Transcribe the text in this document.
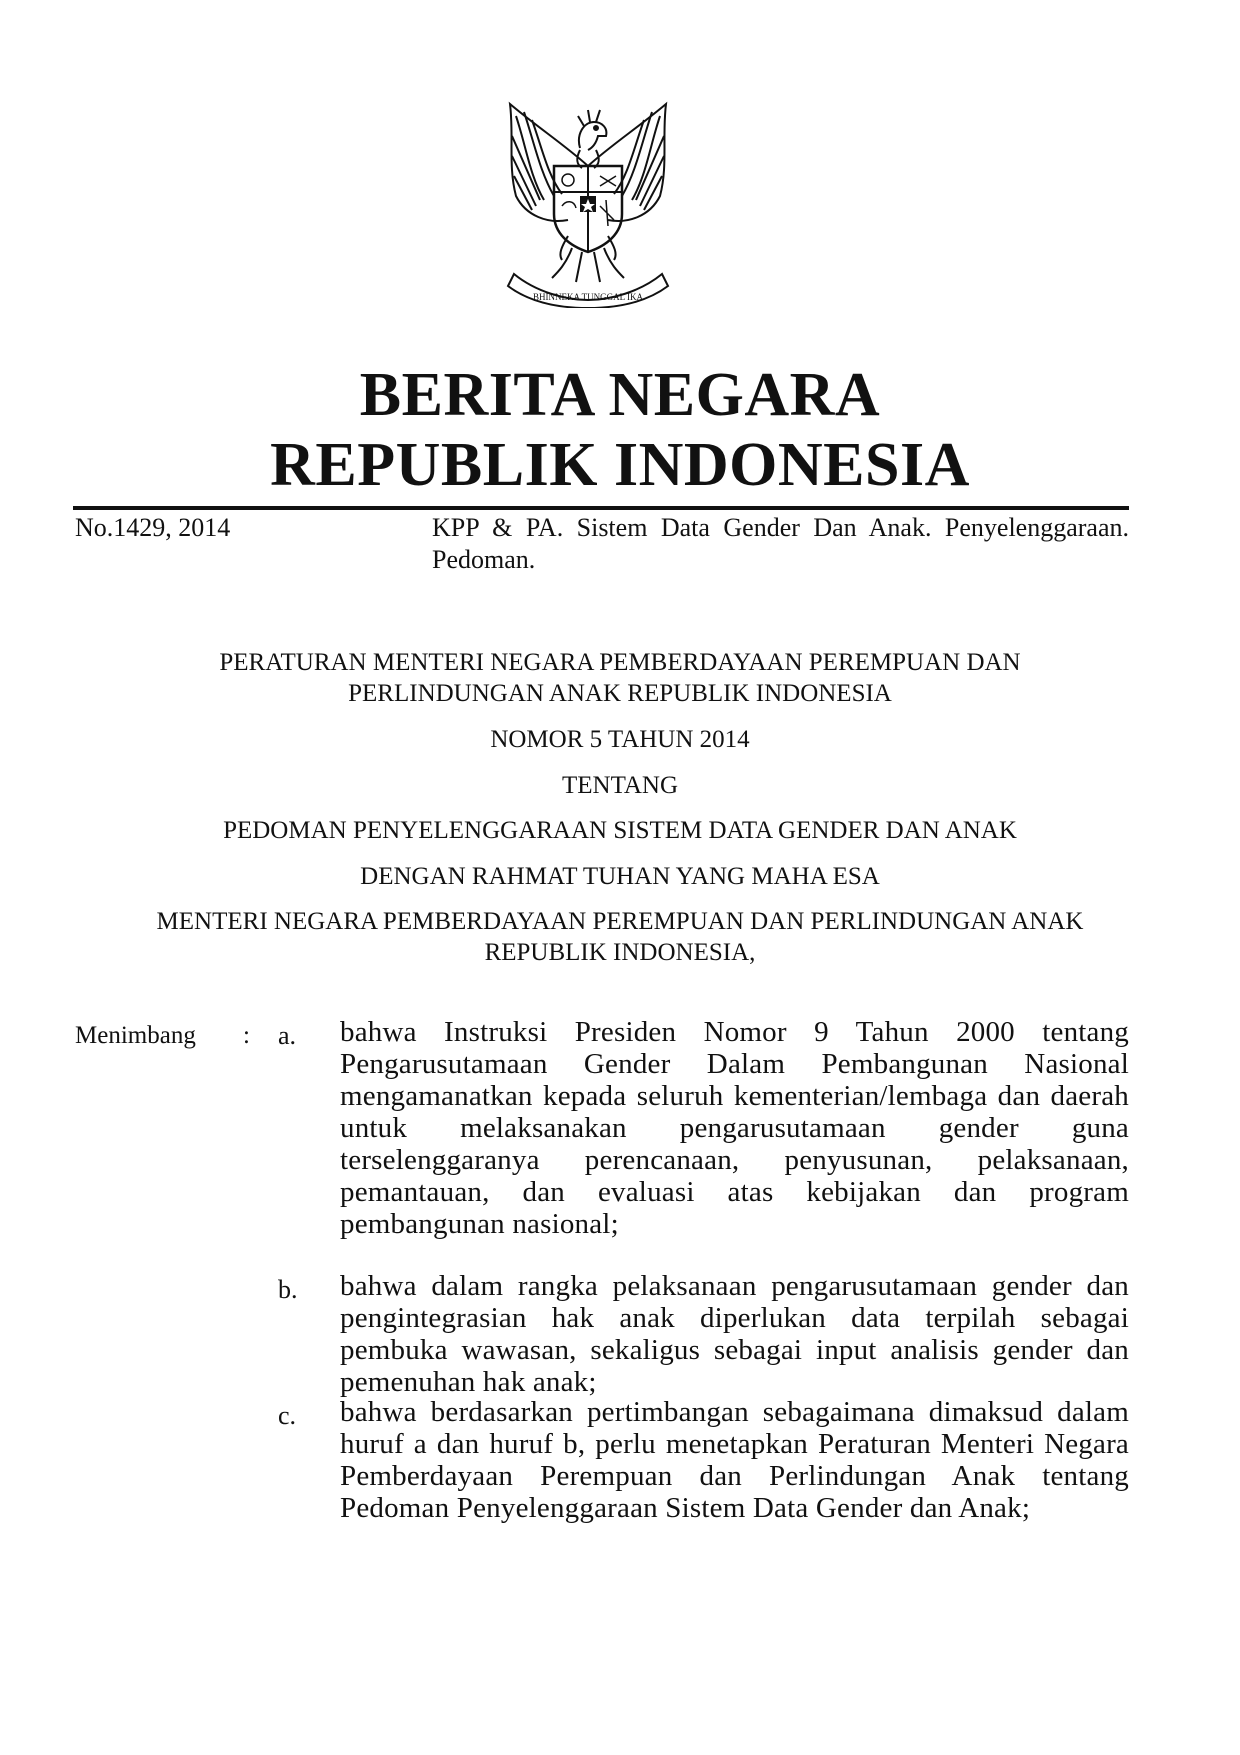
BHINNEKA TUNGGAL IKA
BERITA NEGARA
REPUBLIK INDONESIA
No.1429, 2014	KPP & PA. Sistem Data Gender Dan Anak. Penyelenggaraan. Pedoman.
PERATURAN MENTERI NEGARA PEMBERDAYAAN PEREMPUAN DAN
PERLINDUNGAN ANAK REPUBLIK INDONESIA
NOMOR 5 TAHUN 2014
TENTANG
PEDOMAN PENYELENGGARAAN SISTEM DATA GENDER DAN ANAK
DENGAN RAHMAT TUHAN YANG MAHA ESA
MENTERI NEGARA PEMBERDAYAAN PEREMPUAN DAN PERLINDUNGAN ANAK
REPUBLIK INDONESIA,
Menimbang : a.	bahwa Instruksi Presiden Nomor 9 Tahun 2000 tentang Pengarusutamaan Gender Dalam Pembangunan Nasional mengamanatkan kepada seluruh kementerian/lembaga dan daerah untuk melaksanakan pengarusutamaan gender guna terselenggaranya perencanaan, penyusunan, pelaksanaan, pemantauan, dan evaluasi atas kebijakan dan program pembangunan nasional;
b. bahwa dalam rangka pelaksanaan pengarusutamaan gender dan pengintegrasian hak anak diperlukan data terpilah sebagai pembuka wawasan, sekaligus sebagai input analisis gender dan pemenuhan hak anak;
c.	bahwa berdasarkan pertimbangan sebagaimana dimaksud dalam huruf a dan huruf b, perlu menetapkan Peraturan Menteri Negara Pemberdayaan Perempuan dan Perlindungan Anak tentang Pedoman Penyelenggaraan Sistem Data Gender dan Anak;
